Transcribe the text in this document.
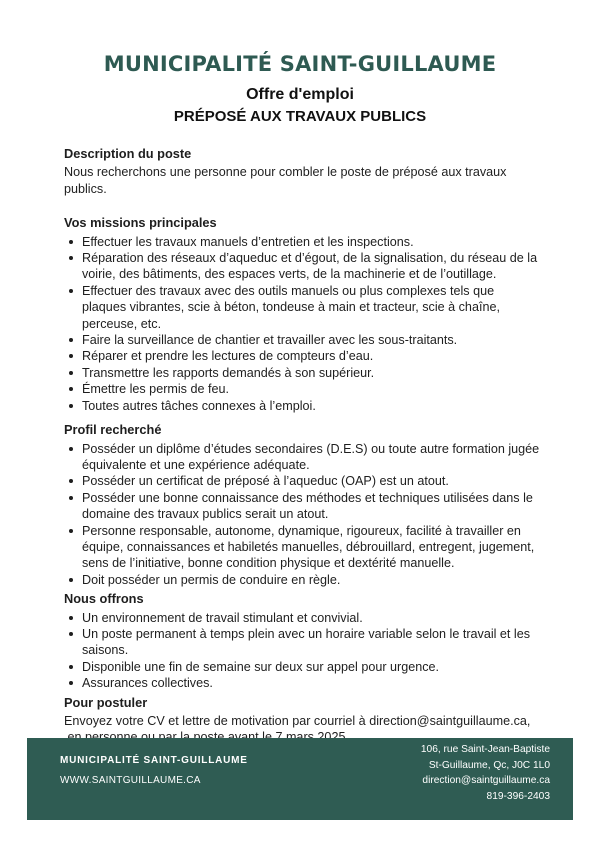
MUNICIPALITÉ SAINT-GUILLAUME
Offre d'emploi
PRÉPOSÉ AUX TRAVAUX PUBLICS
Description du poste

Nous recherchons une personne pour combler le poste de préposé aux travaux publics.

Vos missions principales
Effectuer les travaux manuels d’entretien et les inspections.
Réparation des réseaux d’aqueduc et d’égout, de la signalisation, du réseau de la voirie, des bâtiments, des espaces verts, de la machinerie et de l’outillage.
Effectuer des travaux avec des outils manuels ou plus complexes tels que plaques vibrantes, scie à béton, tondeuse à main et tracteur, scie à chaîne, perceuse, etc.
Faire la surveillance de chantier et travailler avec les sous-traitants.
Réparer et prendre les lectures de compteurs d’eau.
Transmettre les rapports demandés à son supérieur.
Émettre les permis de feu.
Toutes autres tâches connexes à l’emploi.
Profil recherché
Posséder un diplôme d’études secondaires (D.E.S) ou toute autre formation jugée équivalente et une expérience adéquate.
Posséder un certificat de préposé à l’aqueduc (OAP) est un atout.
Posséder une bonne connaissance des méthodes et techniques utilisées dans le domaine des travaux publics serait un atout.
Personne responsable, autonome, dynamique, rigoureux, facilité à travailler en équipe, connaissances et habiletés manuelles, débrouillard, entregent, jugement, sens de l’initiative, bonne condition physique et dextérité manuelle.
Doit posséder un permis de conduire en règle.
Nous offrons
Un environnement de travail stimulant et convivial.
Un poste permanent à temps plein avec un horaire variable selon le travail et les saisons.
Disponible une fin de semaine sur deux sur appel pour urgence.
Assurances collectives.
Pour postuler

Envoyez votre CV et lettre de motivation par courriel à direction@saintguillaume.ca,

MUNICIPALITÉ SAINT-GUILLAUME
WWW.SAINTGUILLAUME.CA
106, rue Saint-Jean-Baptiste
St-Guillaume, Qc, J0C 1L0
direction@saintguillaume.ca
819-396-2403
